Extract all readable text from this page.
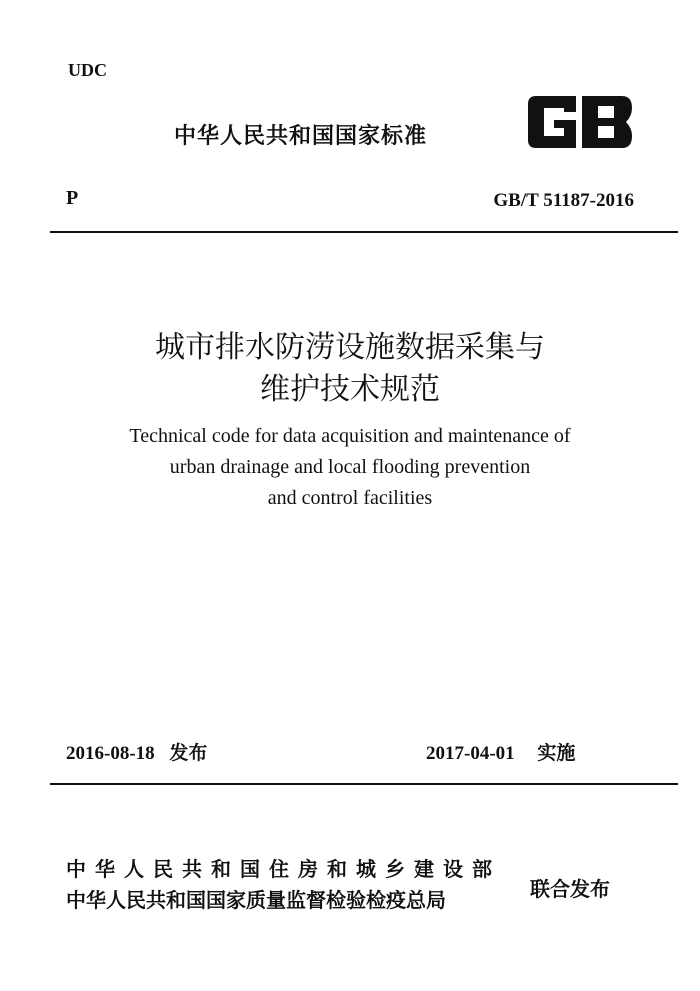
UDC
中华人民共和国国家标准
P	GB/T 51187-2016
城市排水防涝设施数据采集与
维护技术规范
Technical code for data acquisition and maintenance of
urban drainage and local flooding prevention
and control facilities
2016-08-18 发布	2017-04-01 实施
中华人民共和国住房和城乡建设部
中华人民共和国国家质量监督检验检疫总局	联合发布
